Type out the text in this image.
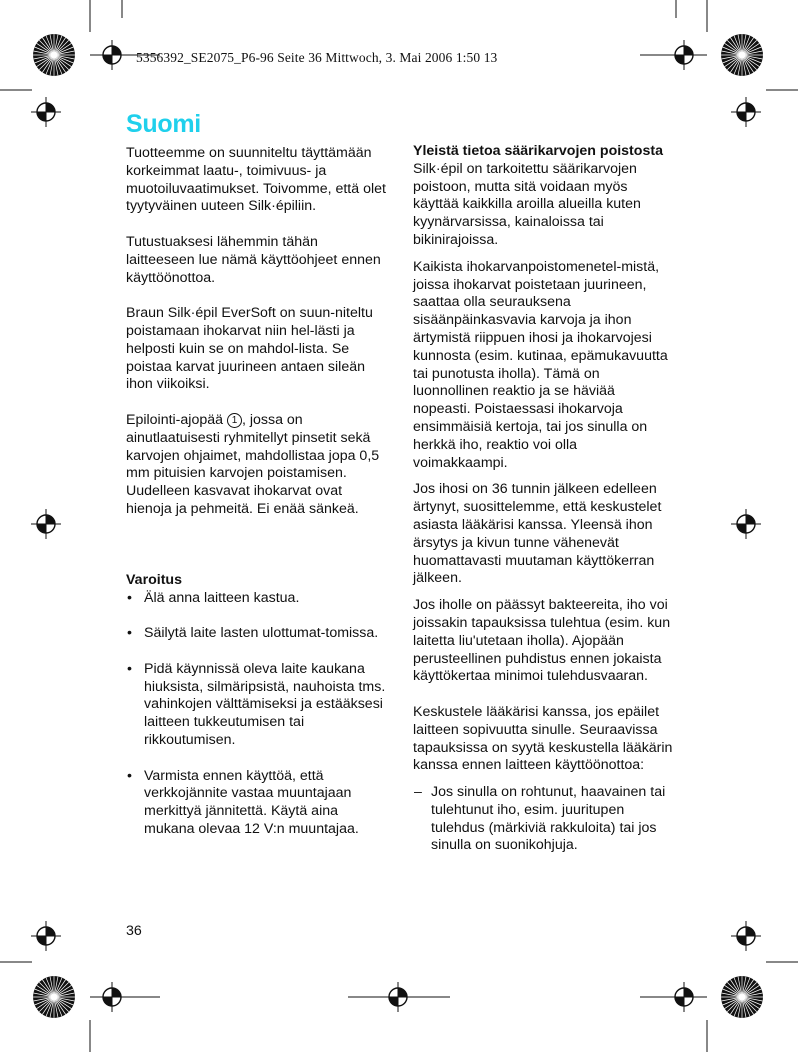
5356392_SE2075_P6-96 Seite 36 Mittwoch, 3. Mai 2006 1:50 13
Suomi

Tuotteemme on suunniteltu täyttämään korkeimmat laatu-, toimivuus- ja muotoiluvaatimukset. Toivomme, että olet tyytyväinen uuteen Silk·épiliin.

Tutustuaksesi lähemmin tähän laitteeseen lue nämä käyttöohjeet ennen käyttöönottoa.

Braun Silk·épil EverSoft on suun-niteltu poistamaan ihokarvat niin hel-lästi ja helposti kuin se on mahdol-lista. Se poistaa karvat juurineen antaen sileän ihon viikoiksi.

Epilointi-ajopää 1 , jossa on ainutlaatuisesti ryhmitellyt pinsetit sekä karvojen ohjaimet, mahdollistaa jopa 0,5 mm pituisien karvojen poistamisen. Uudelleen kasvavat ihokarvat ovat hienoja ja pehmeitä. Ei enää sänkeä.

Varoitus

• Älä anna laitteen kastua.
• Säilytä laite lasten ulottumat-tomissa.
• Pidä käynnissä oleva laite kaukana hiuksista, silmäripsistä, nauhoista tms. vahinkojen välttämiseksi ja estääksesi laitteen tukkeutumisen tai rikkoutumisen.
• Varmista ennen käyttöä, että verkkojännite vastaa muuntajaan merkittyä jännitettä. Käytä aina mukana olevaa 12 V:n muuntajaa.

Yleistä tietoa säärikarvojen poistosta

Silk·épil on tarkoitettu säärikarvojen poistoon, mutta sitä voidaan myös käyttää kaikkilla aroilla alueilla kuten kyynärvarsissa, kainaloissa tai bikinirajoissa.

Kaikista ihokarvanpoistomenetel-mistä, joissa ihokarvat poistetaan juurineen, saattaa olla seurauksena sisäänpäinkasvavia karvoja ja ihon ärtymistä riippuen ihosi ja ihokarvojesi kunnosta (esim. kutinaa, epämukavuutta tai punotusta iholla). Tämä on luonnollinen reaktio ja se häviää nopeasti. Poistaessasi ihokarvoja ensimmäisiä kertoja, tai jos sinulla on herkkä iho, reaktio voi olla voimakkaampi.

Jos ihosi on 36 tunnin jälkeen edelleen ärtynyt, suosittelemme, että keskustelet asiasta lääkärisi kanssa. Yleensä ihon ärsytys ja kivun tunne vähenevät huomattavasti muutaman käyttökerran jälkeen.

Jos iholle on päässyt bakteereita, iho voi joissakin tapauksissa tulehtua (esim. kun laitetta liu'utetaan iholla). Ajopään perusteellinen puhdistus ennen jokaista käyttökertaa minimoi tulehdusvaaran.

Keskustele lääkärisi kanssa, jos epäilet laitteen sopivuutta sinulle. Seuraavissa tapauksissa on syytä keskustella lääkärin kanssa ennen laitteen käyttöönottoa:

– Jos sinulla on rohtunut, haavainen tai tulehtunut iho, esim. juuritupen tulehdus (märkiviä rakkuloita) tai jos sinulla on suonikohjuja.
36
